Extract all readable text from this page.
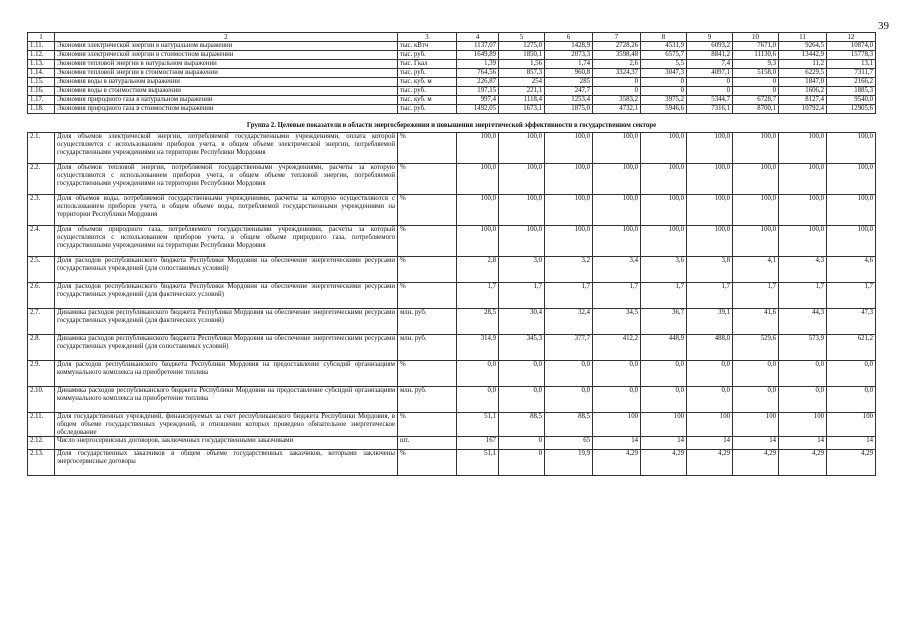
39
1	2	3	4	5	6	7	8	9	10	11	12
1.11.	Экономия электрической энергии в натуральном выражении	тыс. кВтч	1137,07	1275,0	1428,9	2728,26	4531,9	6093,2	7671,0	9264,5	10874,0
1.12.	Экономия электрической энергии в стоимостном выражении	тыс. руб.	1649,89	1850,1	2073,3	3598,48	6575,7	8841,2	11130,6	13442,9	15778,3
1.13.	Экономия тепловой энергии в натуральном выражении	тыс. Гкал	1,39	1,56	1,74	2,6	5,5	7,4	9,3	11,2	13,1
1.14.	Экономия тепловой энергии в стоимостном выражении	тыс. руб.	764,56	857,3	960,8	3324,37	3047,3	4097,1	5158,0	6229,5	7311,7
1.15.	Экономия воды в натуральном выражении	тыс. куб. м	226,87	254	285	0	0	0	0	1847,0	2166,2
1.16.	Экономия воды в стоимостном выражении	тыс. руб.	197,15	221,1	247,7	0	0	0	0	1606,2	1885,3
1.17.	Экономия природного газа в натуральном выражении	тыс. куб. м	997,4	1118,4	1253,4	3583,2	3975,2	5344,7	6728,7	8127,4	9540,0
1.18.	Экономия природного газа в стоимостном выражении	тыс. руб.	1492,05	1673,1	1875,0	4732,1	5946,6	7316,1	8700,1	10792,4	12905,6
Группа 2. Целевые показатели в области энергосбережения и повышения энергетической эффективности в государственном секторе											
2.1.	Доля объемов электрической энергии, потребляемой государственными учреждениями, оплата которой осуществляется с использованием приборов учета, в общем объеме электрической энергии, потребляемой государственными учреждениями на территории Республики Мордовия	%	100,0	100,0	100,0	100,0	100,0	100,0	100,0	100,0	100,0
2.2.	Доля объемов тепловой энергии, потребляемой государственными учреждениями, расчеты за которую осуществляются с использованием приборов учета, в общем объеме тепловой энергии, потребляемой государственными учреждениями на территории Республики Мордовия	%	100,0	100,0	100,0	100,0	100,0	100,0	100,0	100,0	100,0
2.3.	Доля объемов воды, потребляемой государственными учреждениями, расчеты за которую осуществляются с использованием приборов учета, в общем объеме воды, потребляемой государственными учреждениями на территории Республики Мордовия	%	100,0	100,0	100,0	100,0	100,0	100,0	100,0	100,0	100,0
2.4.	Доля объемов природного газа, потребляемого государственными учреждениями, расчеты за который осуществляются с использованием приборов учета, в общем объеме природного газа, потребляемого государственными учреждениями на территории Республики Мордовия	%	100,0	100,0	100,0	100,0	100,0	100,0	100,0	100,0	100,0
2.5.	Доля расходов республиканского бюджета Республики Мордовия на обеспечение энергетическими ресурсами государственных учреждений (для сопоставимых условий)	%	2,8	3,0	3,2	3,4	3,6	3,8	4,1	4,3	4,6
2.6.	Доля расходов республиканского бюджета Республики Мордовия на обеспечение энергетическими ресурсами государственных учреждений (для фактических условий)	%	1,7	1,7	1,7	1,7	1,7	1,7	1,7	1,7	1,7
2.7.	Динамика расходов республиканского бюджета Республики Мордовия на обеспечение энергетическими ресурсами государственных учреждений (для фактических условий)	млн. руб.	28,5	30,4	32,4	34,5	36,7	39,1	41,6	44,3	47,3
2.8.	Динамика расходов республиканского бюджета Республики Мордовия на обеспечение энергетическими ресурсами государственных учреждений (для сопоставимых условий)	млн. руб.	314,9	345,3	377,7	412,2	448,9	488,0	529,6	573,9	621,2
2.9.	Доля расходов республиканского бюджета Республики Мордовия на предоставление субсидий организациям коммунального комплекса на приобретение топлива	%	0,0	0,0	0,0	0,0	0,0	0,0	0,0	0,0	0,0
2.10.	Динамика расходов республиканского бюджета Республики Мордовия на предоставление субсидий организациям коммунального комплекса на приобретение топлива	млн. руб.	0,0	0,0	0,0	0,0	0,0	0,0	0,0	0,0	0,0
2.11.	Доля государственных учреждений, финансируемых за счет республиканского бюджета Республики Мордовия, в общем объеме государственных учреждений, в отношении которых проведено обязательное энергетическое обследование	%	51,1	88,5	88,5	100	100	100	100	100	100
2.12.	Число энергосервисных договоров, заключенных государственными заказчиками	шт.	167	0	65	14	14	14	14	14	14
2.13.	Доля государственных заказчиков в общем объеме государственных заказчиков, которыми заключены энергосервисные договоры	%	51,1	0	19,9	4,29	4,29	4,29	4,29	4,29	4,29
